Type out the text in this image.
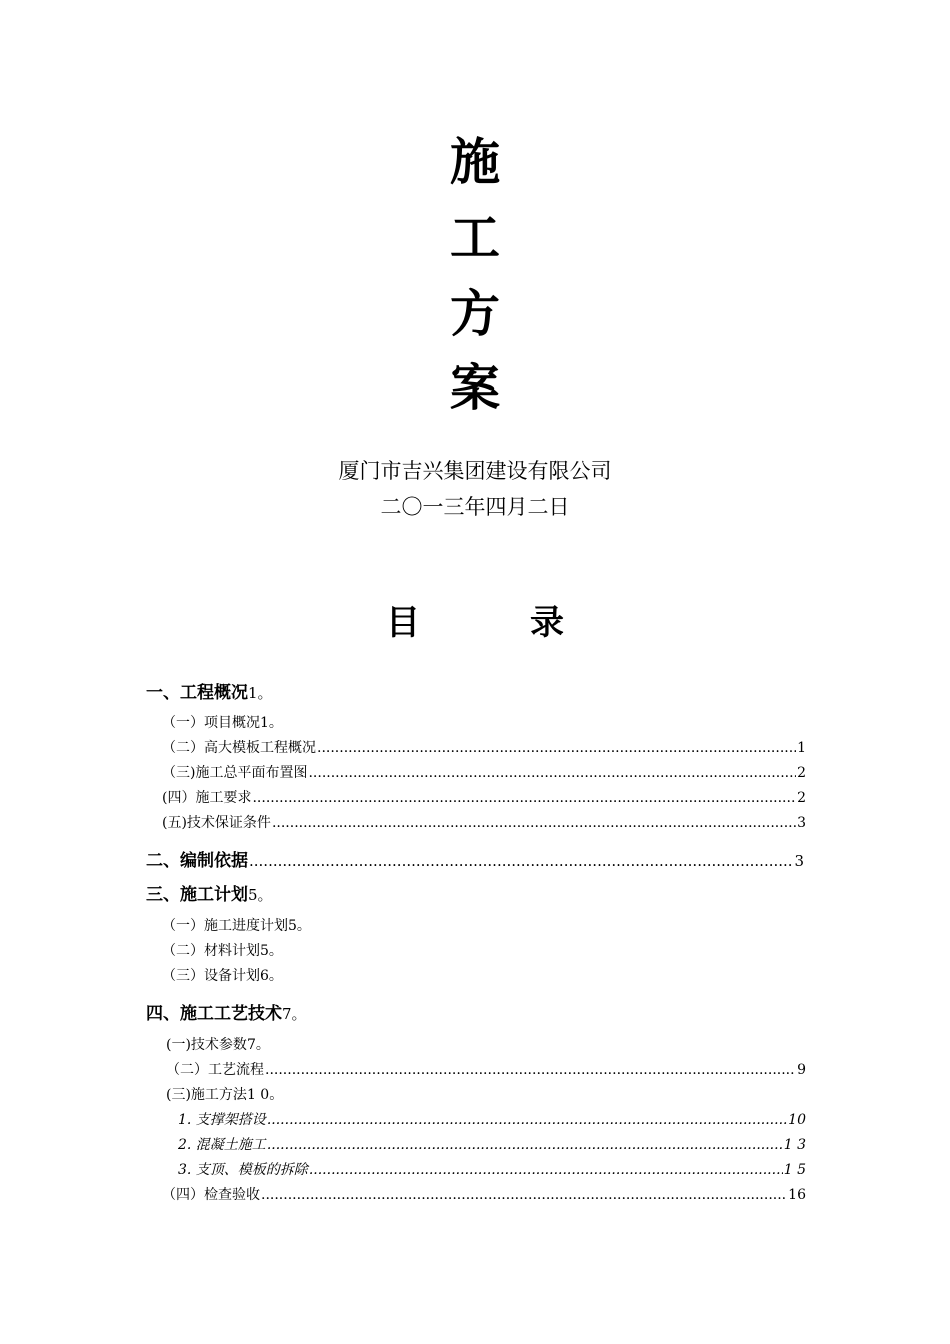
施
工
方
案
厦门市吉兴集团建设有限公司
二〇一三年四月二日
目	录
一、工程概况 1。
（一）项目概况 1。
（二）高大模板工程概况 .....	1
（三)施工总平面布置图 .....	2
(四）施工要求 .....	2
(五)技术保证条件 .....	3
二、编制依据 .....	3
三、施工计划 5。
（一）施工进度计划 5。
（二）材料计划 5。
（三）设备计划 6。
四、施工工艺技术 7。
(一)技术参数 7。
（二）工艺流程 .....	9
(三)施工方法 1 0。
1. 支撑架搭设 .....	10
2. 混凝土施工 .....	1 3
3. 支顶、模板的拆除 .....	1 5
（四）检查验收 .....	16
